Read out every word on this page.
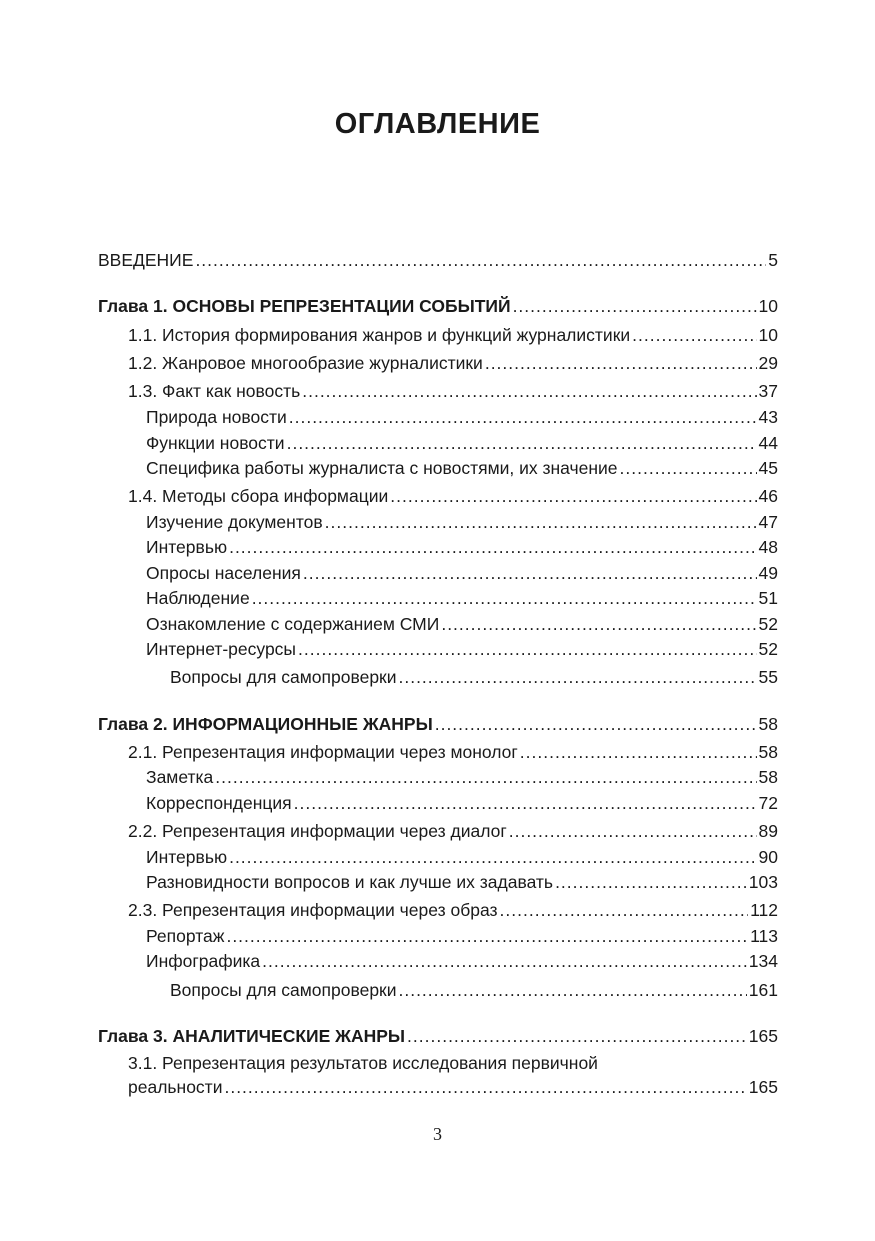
ОГЛАВЛЕНИЕ
ВВЕДЕНИЕ .....	5
Глава 1. ОСНОВЫ РЕПРЕЗЕНТАЦИИ СОБЫТИЙ .....	10
1.1. История формирования жанров и функций журналистики .....	10
1.2. Жанровое многообразие журналистики .....	29
1.3. Факт как новость .....	37
Природа новости .....	43
Функции новости .....	44
Специфика работы журналиста с новостями, их значение .....	45
1.4. Методы сбора информации .....	46
Изучение документов .....	47
Интервью .....	48
Опросы населения .....	49
Наблюдение .....	51
Ознакомление с содержанием СМИ .....	52
Интернет-ресурсы .....	52
Вопросы для самопроверки .....	55
Глава 2. ИНФОРМАЦИОННЫЕ ЖАНРЫ .....	58
2.1. Репрезентация информации через монолог .....	58
Заметка .....	58
Корреспонденция .....	72
2.2. Репрезентация информации через диалог .....	89
Интервью .....	90
Разновидности вопросов и как лучше их задавать .....	103
2.3. Репрезентация информации через образ .....	112
Репортаж .....	113
Инфографика .....	134
Вопросы для самопроверки .....	161
Глава 3. АНАЛИТИЧЕСКИЕ ЖАНРЫ .....	165
3.1. Репрезентация результатов исследования первичной
реальности .....	165
3
